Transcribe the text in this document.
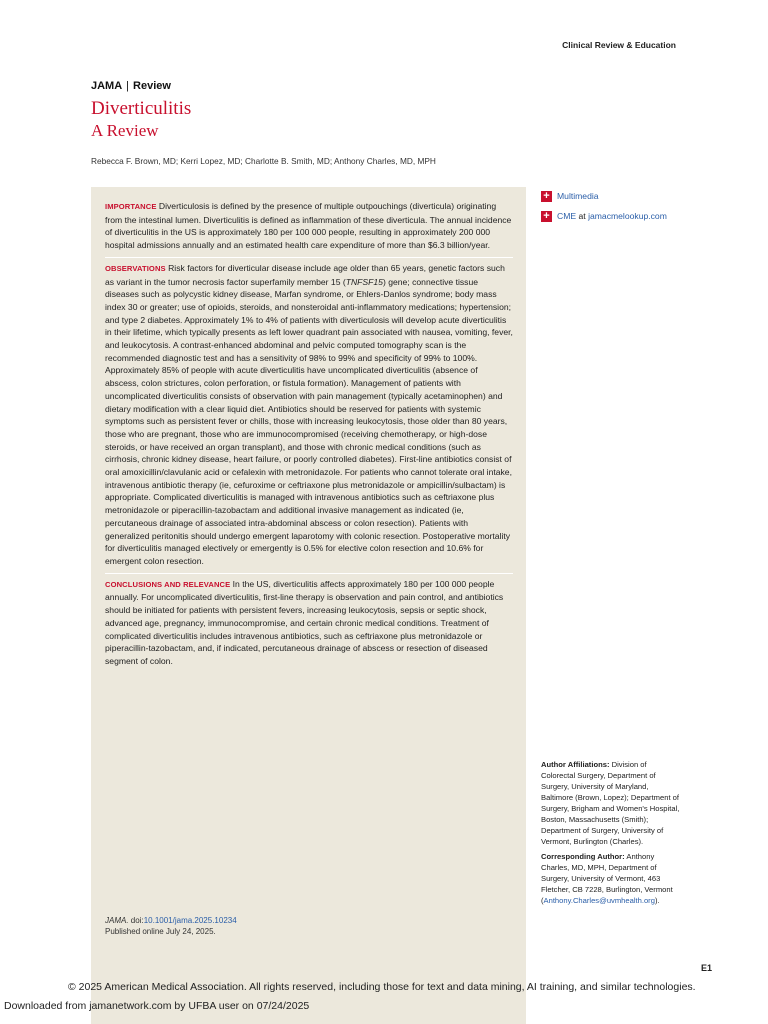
Clinical Review & Education
JAMA | Review
Diverticulitis
A Review
Rebecca F. Brown, MD; Kerri Lopez, MD; Charlotte B. Smith, MD; Anthony Charles, MD, MPH

IMPORTANCE Diverticulosis is defined by the presence of multiple outpouchings (diverticula) originating from the intestinal lumen. Diverticulitis is defined as inflammation of these diverticula. The annual incidence of diverticulitis in the US is approximately 180 per 100 000 people, resulting in approximately 200 000 hospital admissions annually and an estimated health care expenditure of more than $6.3 billion/year.

OBSERVATIONS Risk factors for diverticular disease include age older than 65 years, genetic factors such as variant in the tumor necrosis factor superfamily member 15 (TNFSF15) gene; connective tissue diseases such as polycystic kidney disease, Marfan syndrome, or Ehlers-Danlos syndrome; body mass index 30 or greater; use of opioids, steroids, and nonsteroidal anti-inflammatory medications; hypertension; and type 2 diabetes. Approximately 1% to 4% of patients with diverticulosis will develop acute diverticulitis in their lifetime, which typically presents as left lower quadrant pain associated with nausea, vomiting, fever, and leukocytosis. A contrast-enhanced abdominal and pelvic computed tomography scan is the recommended diagnostic test and has a sensitivity of 98% to 99% and specificity of 99% to 100%. Approximately 85% of people with acute diverticulitis have uncomplicated diverticulitis (absence of abscess, colon strictures, colon perforation, or fistula formation). Management of patients with uncomplicated diverticulitis consists of observation with pain management (typically acetaminophen) and dietary modification with a clear liquid diet. Antibiotics should be reserved for patients with systemic symptoms such as persistent fever or chills, those with increasing leukocytosis, those older than 80 years, those who are pregnant, those who are immunocompromised (receiving chemotherapy, or high-dose steroids, or have received an organ transplant), and those with chronic medical conditions (such as cirrhosis, chronic kidney disease, heart failure, or poorly controlled diabetes). First-line antibiotics consist of oral amoxicillin/clavulanic acid or cefalexin with metronidazole. For patients who cannot tolerate oral intake, intravenous antibiotic therapy (ie, cefuroxime or ceftriaxone plus metronidazole or ampicillin/sulbactam) is appropriate. Complicated diverticulitis is managed with intravenous antibiotics such as ceftriaxone plus metronidazole or piperacillin-tazobactam and additional invasive management as indicated (ie, percutaneous drainage of associated intra-abdominal abscess or colon resection). Patients with generalized peritonitis should undergo emergent laparotomy with colonic resection. Postoperative mortality for diverticulitis managed electively or emergently is 0.5% for elective colon resection and 10.6% for emergent colon resection.

CONCLUSIONS AND RELEVANCE In the US, diverticulitis affects approximately 180 per 100 000 people annually. For uncomplicated diverticulitis, first-line therapy is observation and pain control, and antibiotics should be initiated for patients with persistent fevers, increasing leukocytosis, sepsis or septic shock, advanced age, pregnancy, immunocompromise, and certain chronic medical conditions. Treatment of complicated diverticulitis includes intravenous antibiotics, such as ceftriaxone plus metronidazole or piperacillin-tazobactam, and, if indicated, percutaneous drainage of abscess or resection of diseased segment of colon.

JAMA. doi:10.1001/jama.2025.10234
Published online July 24, 2025.
+ Multimedia
+ CME
at
jamacmelookup.com

Author Affiliations: Division of Colorectal Surgery, Department of Surgery, University of Maryland, Baltimore (Brown, Lopez); Department of Surgery, Brigham and Women's Hospital, Boston, Massachusetts (Smith); Department of Surgery, University of Vermont, Burlington (Charles).

Corresponding Author: Anthony Charles, MD, MPH, Department of Surgery, University of Vermont, 463 Fletcher, CB 7228, Burlington, Vermont (Anthony.Charles@uvmhealth.org).

E1
© 2025 American Medical Association. All rights reserved, including those for text and data mining, AI training, and similar technologies.
Downloaded from jamanetwork.com by UFBA user on 07/24/2025
